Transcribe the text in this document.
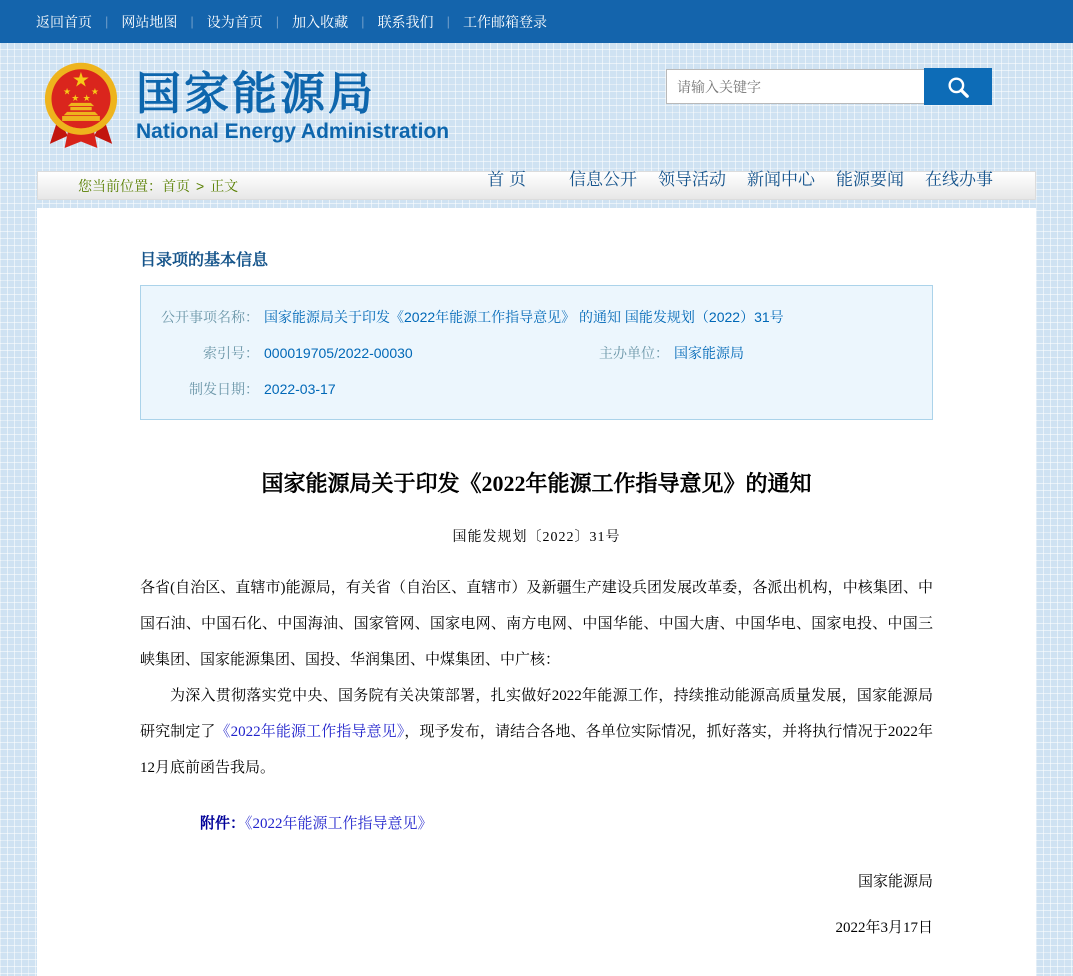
返回首页 | 网站地图 | 设为首页 | 加入收藏 | 联系我们 | 工作邮箱登录
★
★
★ ★
★ 国家能源局
National Energy Administration
请输入关键字
首 页	信息公开 领导活动 新闻中心 能源要闻 在线办事
您当前位置：首页 > 正文
目录项的基本信息
公开事项名称： 国家能源局关于印发《2022年能源工作指导意见》 的通知 国能发规划（2022）31号
索引号： 000019705/2022-00030	主办单位： 国家能源局
制发日期： 2022-03-17
国家能源局关于印发《2022年能源工作指导意见》的通知
国能发规划〔2022〕31号

各省(自治区、直辖市)能源局，有关省（自治区、直辖市）及新疆生产建设兵团发展改革委，各派出机构，中核集团、中国石油、中国石化、中国海油、国家管网、国家电网、南方电网、中国华能、中国大唐、中国华电、国家电投、中国三峡集团、国家能源集团、国投、华润集团、中煤集团、中广核：

为深入贯彻落实党中央、国务院有关决策部署，扎实做好2022年能源工作，持续推动能源高质量发展，国家能源局研究制定了《2022年能源工作指导意见》，现予发布，请结合各地、各单位实际情况，抓好落实，并将执行情况于2022年12月底前函告我局。

附件：《2022年能源工作指导意见》
国家能源局
2022年3月17日
